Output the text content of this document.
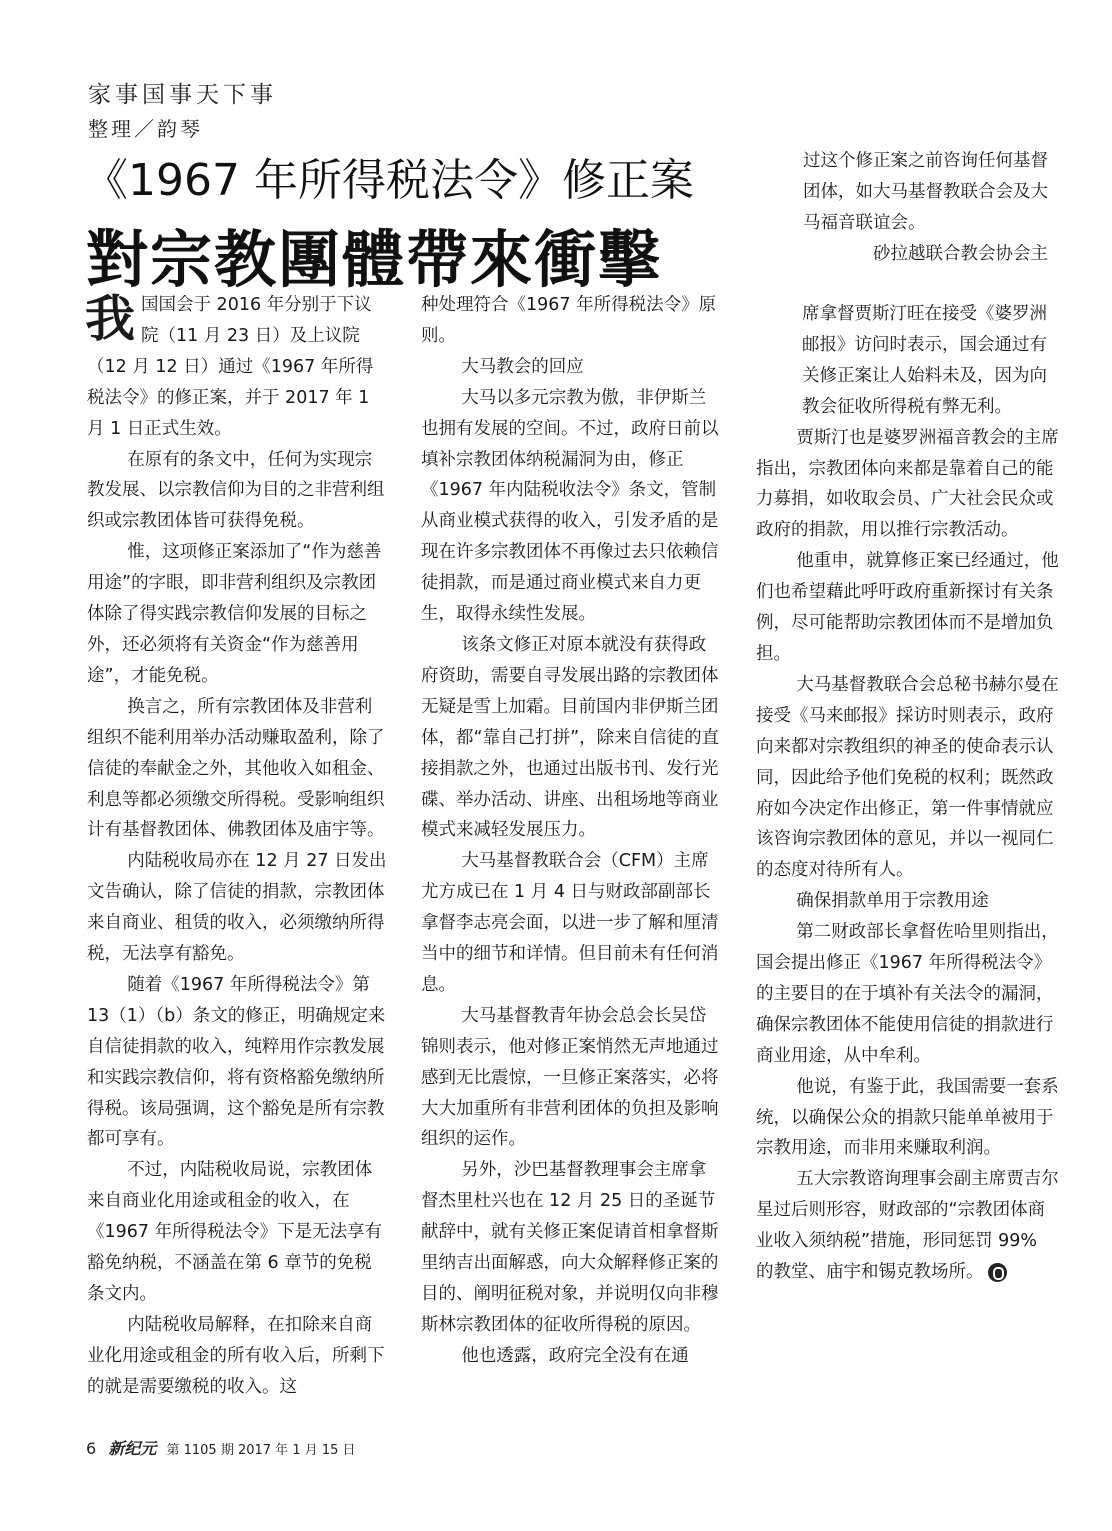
家事国事天下事
整理／韵琴
《1967 年所得税法令》修正案
對宗教團體帶來衝擊

我国国会于 2016 年分别于下议院（11 月 23 日）及上议院（12 月 12 日）通过《1967 年所得税法令》的修正案，并于 2017 年 1 月 1 日正式生效。

在原有的条文中，任何为实现宗教发展、以宗教信仰为目的之非营利组织或宗教团体皆可获得免税。

惟，这项修正案添加了“作为慈善用途”的字眼，即非营利组织及宗教团体除了得实践宗教信仰发展的目标之外，还必须将有关资金“作为慈善用途”，才能免税。

换言之，所有宗教团体及非营利组织不能利用举办活动赚取盈利，除了信徒的奉献金之外，其他收入如租金、利息等都必须缴交所得税。受影响组织计有基督教团体、佛教团体及庙宇等。

内陆税收局亦在 12 月 27 日发出文告确认，除了信徒的捐款，宗教团体来自商业、租赁的收入，必须缴纳所得税，无法享有豁免。

随着《1967 年所得税法令》第 13（1）（b）条文的修正，明确规定来自信徒捐款的收入，纯粹用作宗教发展和实践宗教信仰，将有资格豁免缴纳所得税。该局强调，这个豁免是所有宗教都可享有。

不过，内陆税收局说，宗教团体来自商业化用途或租金的收入，在《1967 年所得税法令》下是无法享有豁免纳税，不涵盖在第 6 章节的免税条文内。

内陆税收局解释，在扣除来自商业化用途或租金的所有收入后，所剩下的就是需要缴税的收入。这

种处理符合《1967 年所得税法令》原则。

大马教会的回应

大马以多元宗教为傲，非伊斯兰也拥有发展的空间。不过，政府日前以填补宗教团体纳税漏洞为由，修正《1967 年内陆税收法令》条文，管制从商业模式获得的收入，引发矛盾的是现在许多宗教团体不再像过去只依赖信徒捐款，而是通过商业模式来自力更生，取得永续性发展。

该条文修正对原本就没有获得政府资助，需要自寻发展出路的宗教团体无疑是雪上加霜。目前国内非伊斯兰团体，都“靠自己打拼”，除来自信徒的直接捐款之外，也通过出版书刊、发行光碟、举办活动、讲座、出租场地等商业模式来减轻发展压力。

大马基督教联合会（CFM）主席尤方成已在 1 月 4 日与财政部副部长拿督李志亮会面，以进一步了解和厘清当中的细节和详情。但目前未有任何消息。

大马基督教青年协会总会长吴岱锦则表示，他对修正案悄然无声地通过感到无比震惊，一旦修正案落实，必将大大加重所有非营利团体的负担及影响组织的运作。

另外，沙巴基督教理事会主席拿督杰里杜兴也在 12 月 25 日的圣诞节献辞中，就有关修正案促请首相拿督斯里纳吉出面解惑，向大众解释修正案的目的、阐明征税对象，并说明仅向非穆斯林宗教团体的征收所得税的原因。

他也透露，政府完全没有在通

过这个修正案之前咨询任何基督团体，如大马基督教联合会及大马福音联谊会。

砂拉越联合教会协会主

席拿督贾斯汀旺在接受《婆罗洲邮报》访问时表示，国会通过有关修正案让人始料未及，因为向教会征收所得税有弊无利。

贾斯汀也是婆罗洲福音教会的主席指出，宗教团体向来都是靠着自己的能力募捐，如收取会员、广大社会民众或政府的捐款，用以推行宗教活动。

他重申，就算修正案已经通过，他们也希望藉此呼吁政府重新探讨有关条例，尽可能帮助宗教团体而不是增加负担。

大马基督教联合会总秘书赫尔曼在接受《马来邮报》採访时则表示，政府向来都对宗教组织的神圣的使命表示认同，因此给予他们免税的权利；既然政府如今决定作出修正，第一件事情就应该咨询宗教团体的意见，并以一视同仁的态度对待所有人。

确保捐款单用于宗教用途

第二财政部长拿督佐哈里则指出，国会提出修正《1967 年所得税法令》的主要目的在于填补有关法令的漏洞，确保宗教团体不能使用信徒的捐款进行商业用途，从中牟利。

他说，有鉴于此，我国需要一套系统，以确保公众的捐款只能单单被用于宗教用途，而非用来赚取利润。

五大宗教谘询理事会副主席贾吉尔星过后则形容，财政部的“宗教团体商业收入须纳税”措施，形同惩罚 99% 的教堂、庙宇和锡克教场所。

6 新纪元 第 1105 期 2017 年 1 月 15 日
